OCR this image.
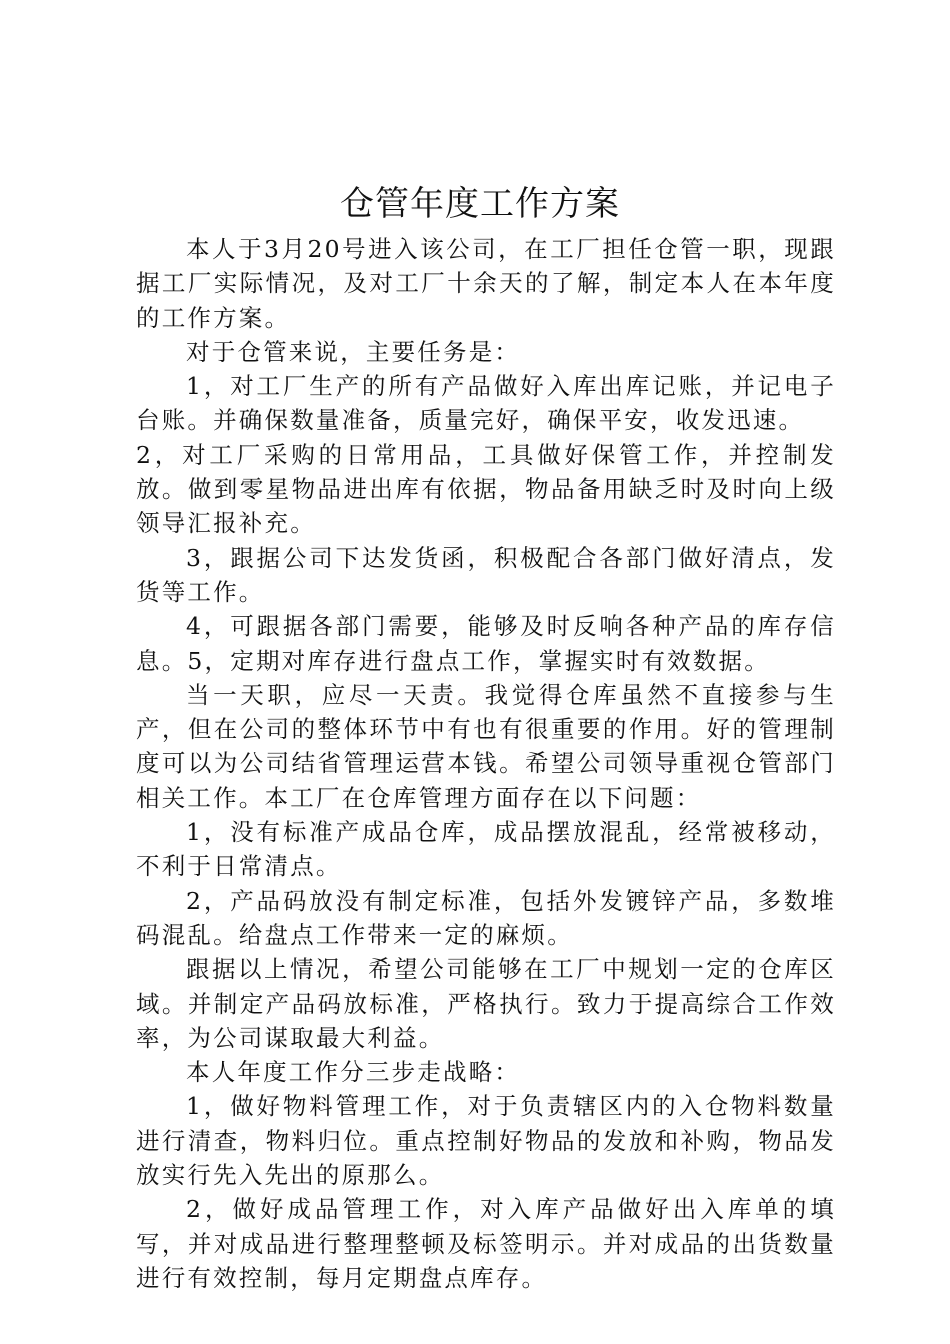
仓管年度工作方案

本人于3月20号进入该公司，在工厂担任仓管一职，现跟据工厂实际情况，及对工厂十余天的了解，制定本人在本年度的工作方案。

对于仓管来说，主要任务是：

1，对工厂生产的所有产品做好入库出库记账，并记电子台账。并确保数量准备，质量完好，确保平安，收发迅速。

2，对工厂采购的日常用品，工具做好保管工作，并控制发放。做到零星物品进出库有依据，物品备用缺乏时及时向上级领导汇报补充。

3，跟据公司下达发货函，积极配合各部门做好清点，发货等工作。

4，可跟据各部门需要，能够及时反响各种产品的库存信息。5，定期对库存进行盘点工作，掌握实时有效数据。

当一天职，应尽一天责。我觉得仓库虽然不直接参与生产，但在公司的整体环节中有也有很重要的作用。好的管理制度可以为公司结省管理运营本钱。希望公司领导重视仓管部门相关工作。本工厂在仓库管理方面存在以下问题：

1，没有标准产成品仓库，成品摆放混乱，经常被移动，不利于日常清点。

2，产品码放没有制定标准，包括外发镀锌产品，多数堆码混乱。给盘点工作带来一定的麻烦。

跟据以上情况，希望公司能够在工厂中规划一定的仓库区域。并制定产品码放标准，严格执行。致力于提高综合工作效率，为公司谋取最大利益。

本人年度工作分三步走战略：

1，做好物料管理工作，对于负责辖区内的入仓物料数量进行清查，物料归位。重点控制好物品的发放和补购，物品发放实行先入先出的原那么。

2，做好成品管理工作，对入库产品做好出入库单的填写，并对成品进行整理整顿及标签明示。并对成品的出货数量进行有效控制，每月定期盘点库存。
